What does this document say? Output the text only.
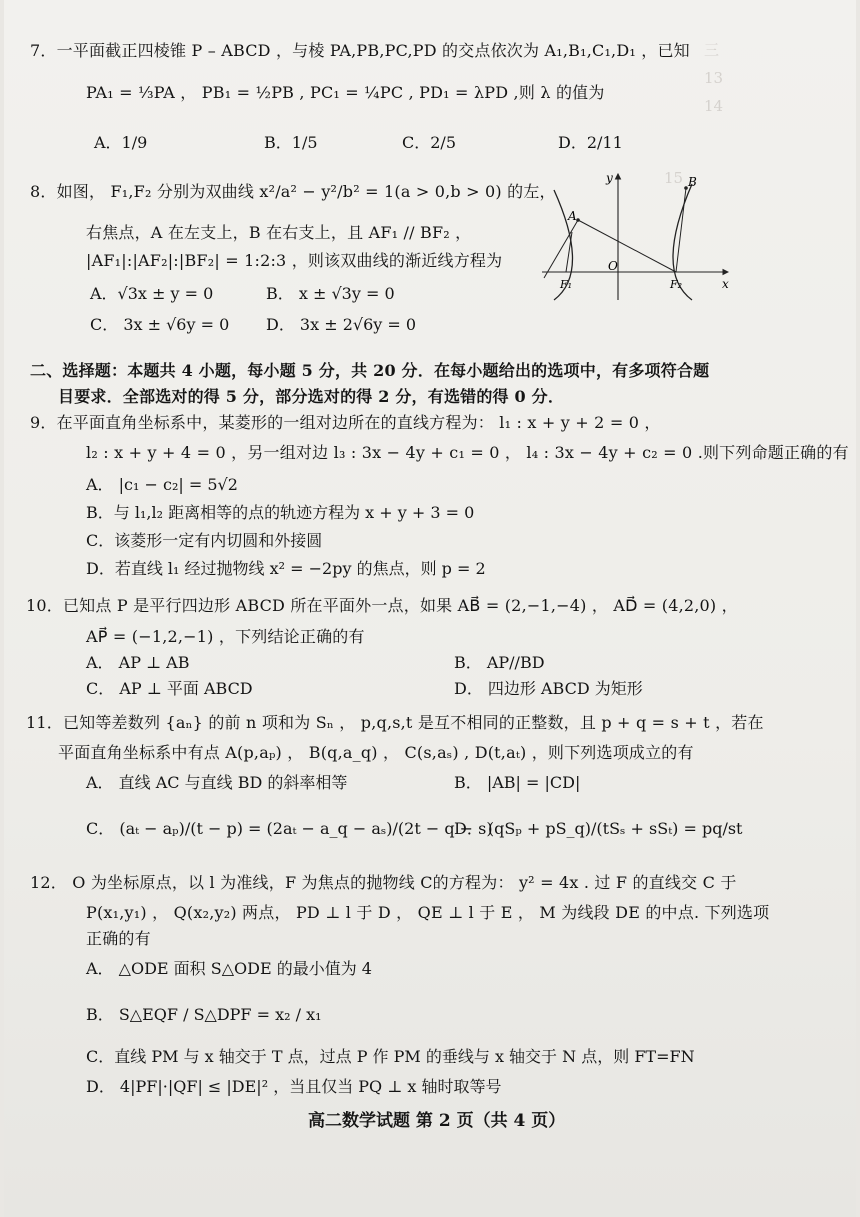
三
13
14
15
7．一平面截正四棱锥 P – ABCD ，与棱 PA,PB,PC,PD 的交点依次为 A₁,B₁,C₁,D₁ ，已知
PA₁ = ⅓PA ， PB₁ = ½PB , PC₁ = ¼PC , PD₁ = λPD ,则 λ 的值为
A．1/9	B．1/5	C．2/5	D．2/11
8．如图， F₁,F₂ 分别为双曲线 x²/a² − y²/b² = 1(a > 0,b > 0) 的左，
右焦点，A 在左支上，B 在右支上，且 AF₁ // BF₂ ，
|AF₁|:|AF₂|:|BF₂| = 1:2:3 ，则该双曲线的渐近线方程为
A．√3x ± y = 0	B． x ± √3y = 0
C． 3x ± √6y = 0 D． 3x ± 2√6y = 0
y
x
B
A
O
F₁	F₂
二、选择题：本题共 4 小题，每小题 5 分，共 20 分．在每小题给出的选项中，有多项符合题
目要求．全部选对的得 5 分，部分选对的得 2 分，有选错的得 0 分．
9．在平面直角坐标系中，某菱形的一组对边所在的直线方程为： l₁ : x + y + 2 = 0 ，
l₂ : x + y + 4 = 0 ，另一组对边 l₃ : 3x − 4y + c₁ = 0 ， l₄ : 3x − 4y + c₂ = 0 .则下列命题正确的有
A． |c₁ − c₂| = 5√2
B．与 l₁,l₂ 距离相等的点的轨迹方程为 x + y + 3 = 0
C．该菱形一定有内切圆和外接圆
D．若直线 l₁ 经过抛物线 x² = −2py 的焦点，则 p = 2
10．已知点 P 是平行四边形 ABCD 所在平面外一点，如果 AB⃗ = (2,−1,−4) ， AD⃗ = (4,2,0) ，
AP⃗ = (−1,2,−1) ，下列结论正确的有
A． AP ⊥ AB	B． AP//BD
C． AP ⊥ 平面 ABCD	D． 四边形 ABCD 为矩形
11．已知等差数列 {aₙ} 的前 n 项和为 Sₙ ， p,q,s,t 是互不相同的正整数，且 p + q = s + t ，若在
平面直角坐标系中有点 A(p,aₚ) ， B(q,a_q) ， C(s,aₛ) , D(t,aₜ) ，则下列选项成立的有
A． 直线 AC 与直线 BD 的斜率相等	B． |AB| = |CD|
C． (aₜ − aₚ)/(t − p) = (2aₜ − a_q − aₛ)/(2t − q − s)
D． (qSₚ + pS_q)/(tSₛ + sSₜ) = pq/st
12． O 为坐标原点，以 l 为准线，F 为焦点的抛物线 C的方程为： y² = 4x . 过 F 的直线交 C 于
P(x₁,y₁) ， Q(x₂,y₂) 两点， PD ⊥ l 于 D ， QE ⊥ l 于 E ， M 为线段 DE 的中点. 下列选项
正确的有
A． △ODE 面积 S△ODE 的最小值为 4
B． S△EQF / S△DPF = x₂ / x₁
C．直线 PM 与 x 轴交于 T 点，过点 P 作 PM 的垂线与 x 轴交于 N 点，则 FT=FN
D． 4|PF|·|QF| ≤ |DE|² ，当且仅当 PQ ⊥ x 轴时取等号
高二数学试题 第 2 页（共 4 页）
